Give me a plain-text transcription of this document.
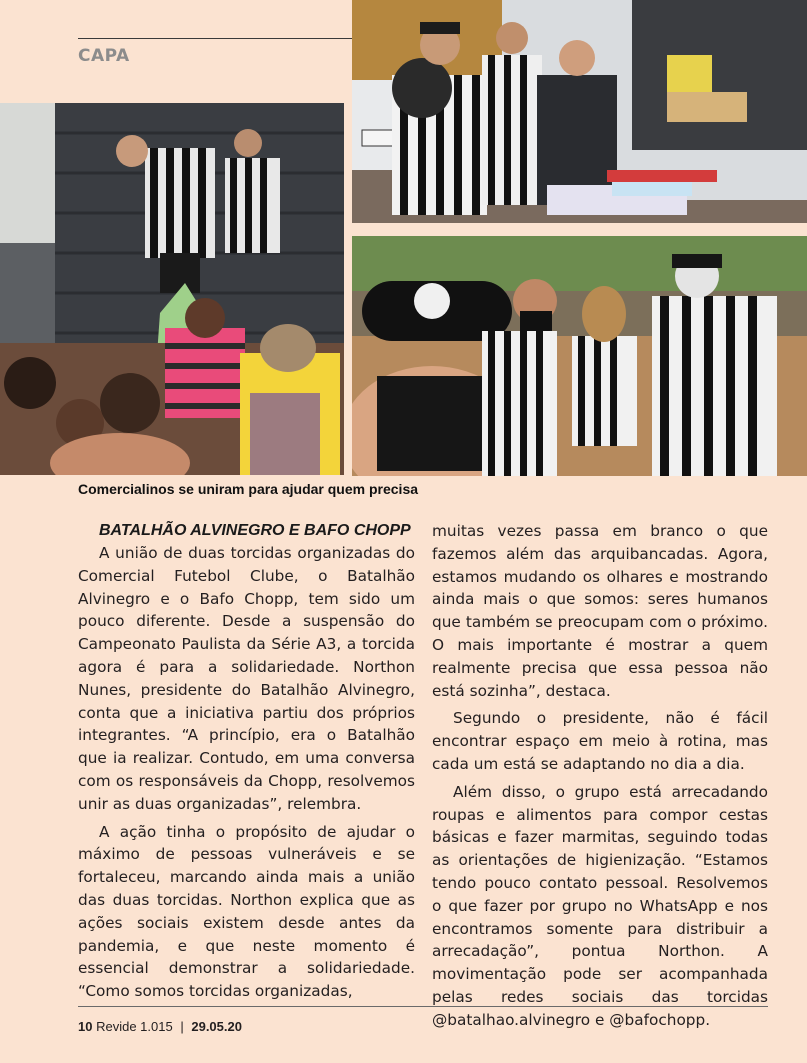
CAPA
Comercialinos se uniram para ajudar quem precisa
BATALHÃO ALVINEGRO E BAFO CHOPP

A união de duas torcidas organizadas do Comercial Futebol Clube, o Batalhão Alvinegro e o Bafo Chopp, tem sido um pouco diferente. Desde a suspensão do Campeonato Paulista da Série A3, a torcida agora é para a solidariedade. Northon Nunes, presidente do Batalhão Alvinegro, conta que a iniciativa partiu dos próprios integrantes. “A princípio, era o Batalhão que ia realizar. Contudo, em uma conversa com os responsáveis da Chopp, resolvemos unir as duas organizadas”, relembra.

A ação tinha o propósito de ajudar o máximo de pessoas vulneráveis e se fortaleceu, marcando ainda mais a união das duas torcidas. Northon explica que as ações sociais existem desde antes da pandemia, e que neste momento é essencial demonstrar a solidariedade. “Como somos torcidas organizadas,

muitas vezes passa em branco o que fazemos além das arquibancadas. Agora, estamos mudando os olhares e mostrando ainda mais o que somos: seres humanos que também se preocupam com o próximo. O mais importante é mostrar a quem realmente precisa que essa pessoa não está sozinha”, destaca.

Segundo o presidente, não é fácil encontrar espaço em meio à rotina, mas cada um está se adaptando no dia a dia.

Além disso, o grupo está arrecadando roupas e alimentos para compor cestas básicas e fazer marmitas, seguindo todas as orientações de higienização. “Estamos tendo pouco contato pessoal. Resolvemos o que fazer por grupo no WhatsApp e nos encontramos somente para distribuir a arrecadação”, pontua Northon. A movimentação pode ser acompanhada pelas redes sociais das torcidas @batalhao.alvinegro e @bafochopp.

10 Revide 1.015 | 29.05.20
